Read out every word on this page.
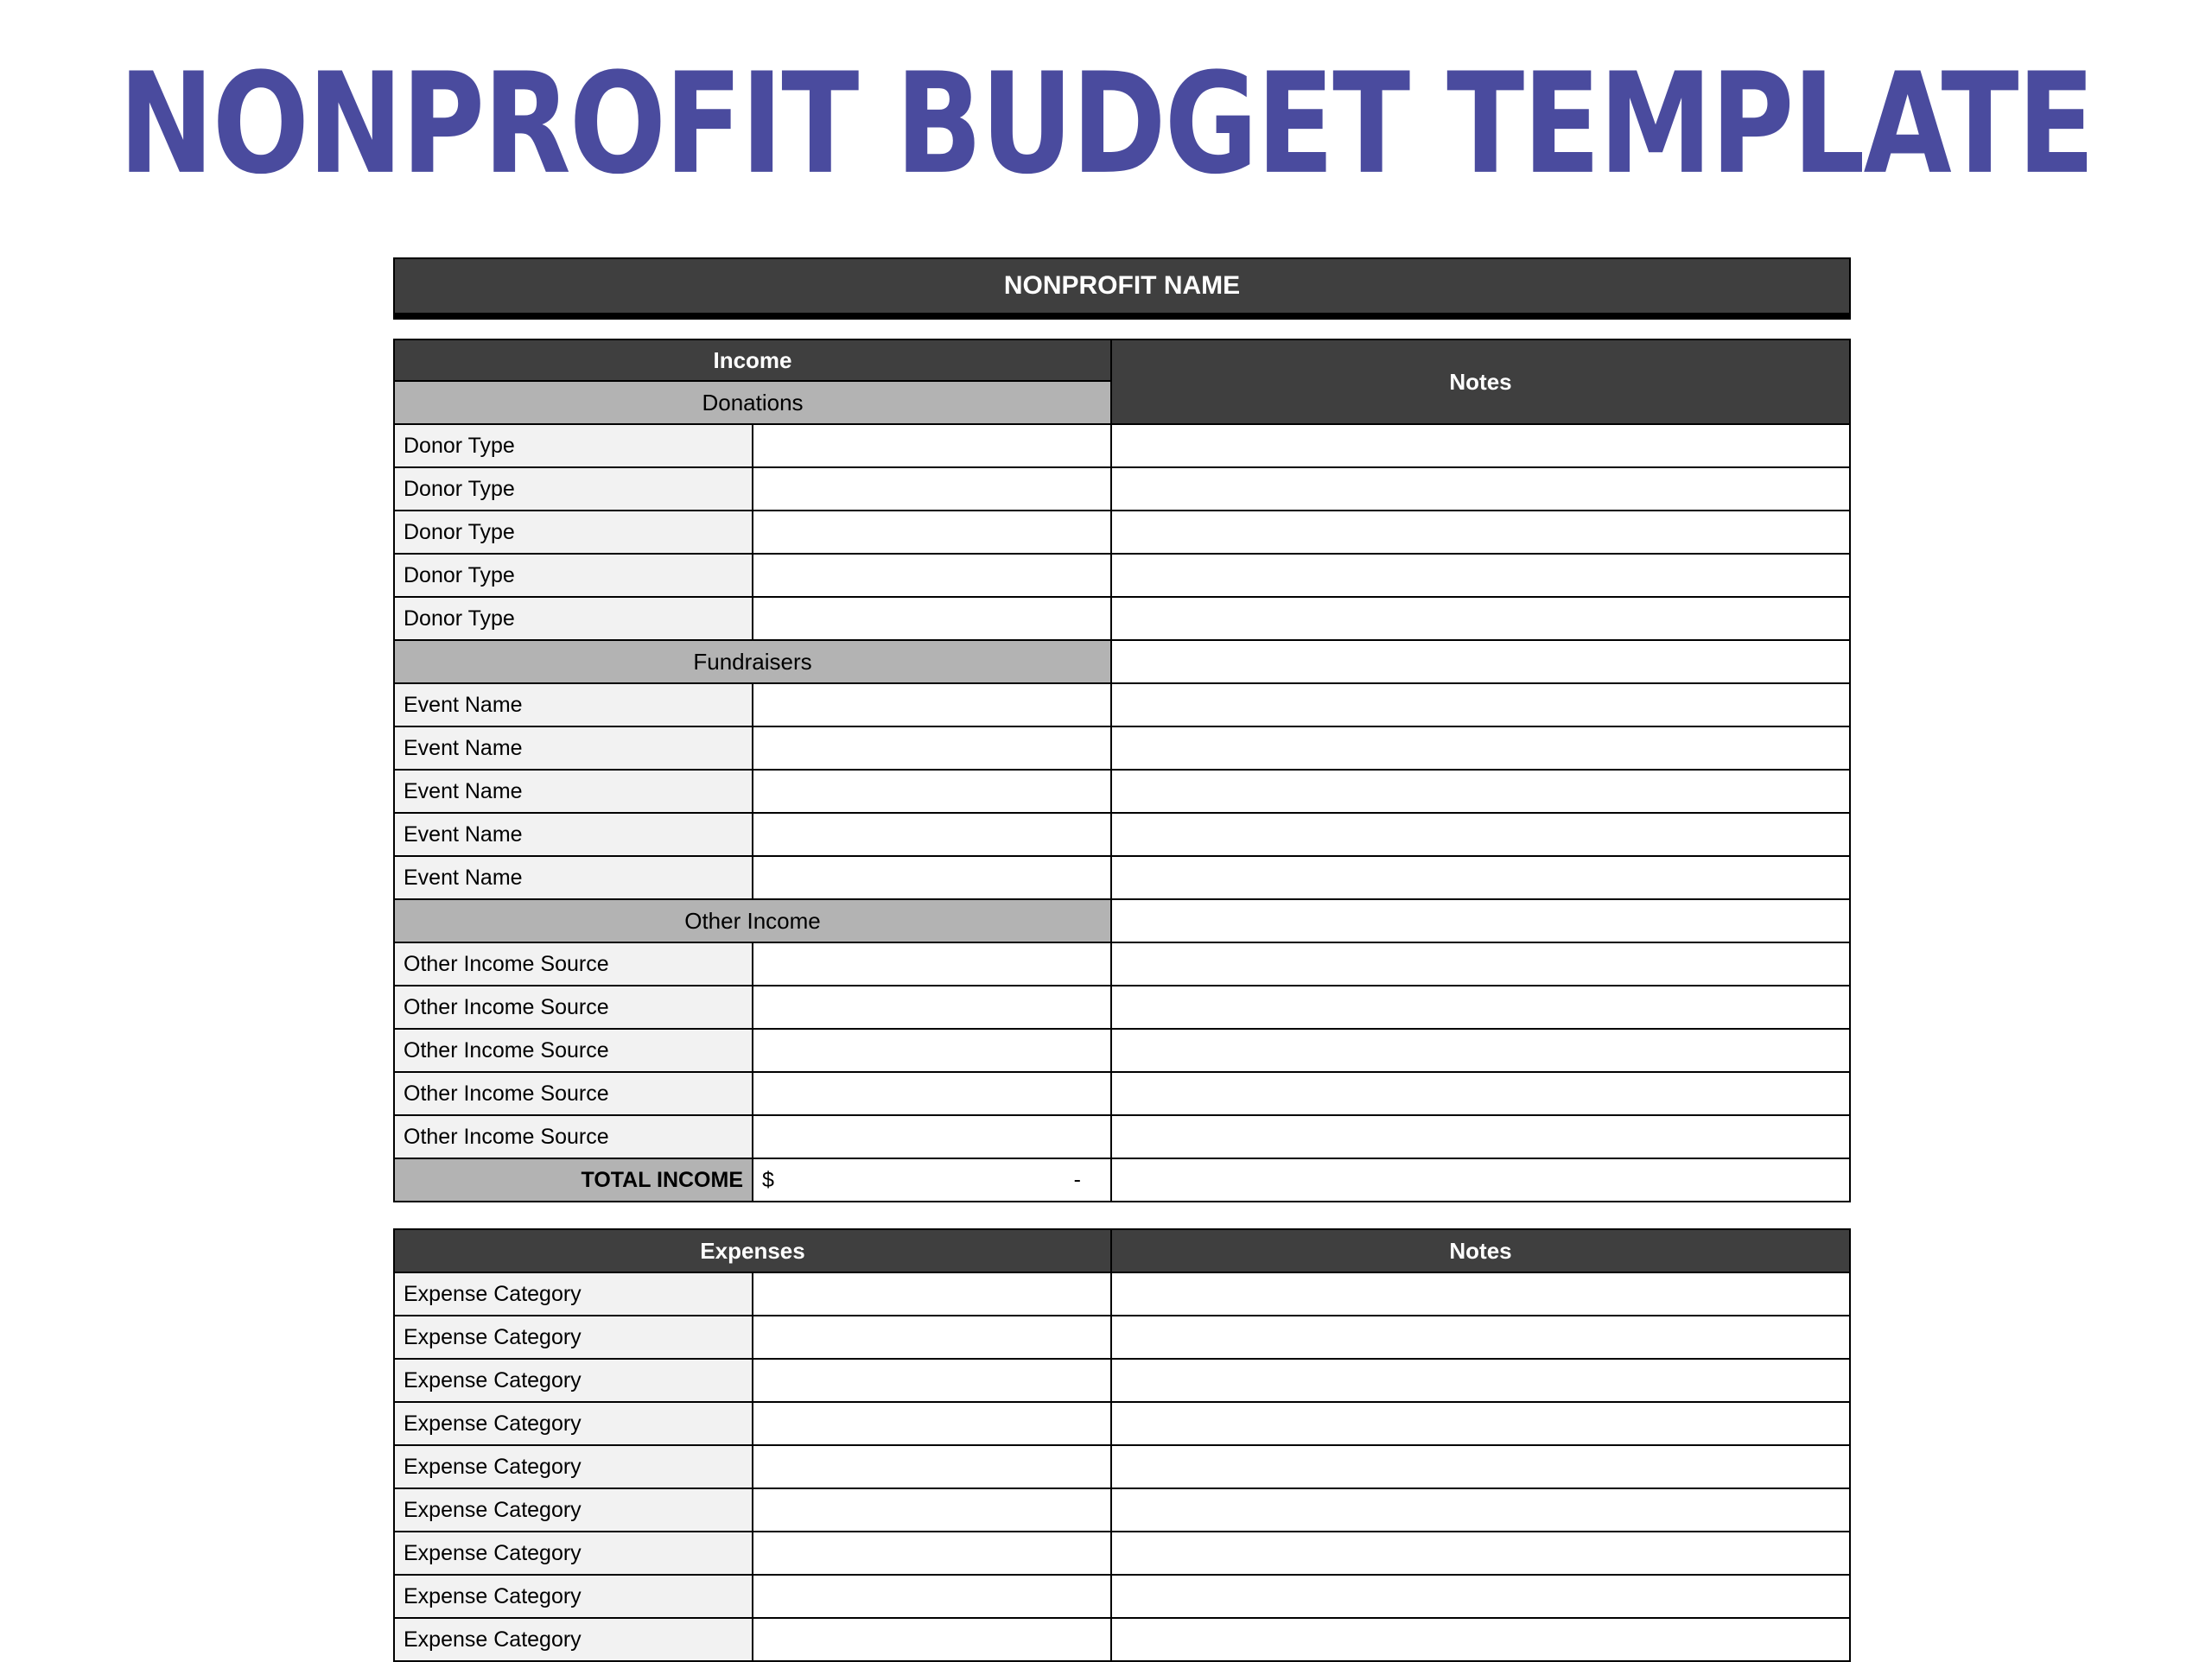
NONPROFIT BUDGET TEMPLATE
NONPROFIT NAME		

Income		Notes
Donations		
Donor Type		
Donor Type		
Donor Type		
Donor Type		
Donor Type		
Fundraisers		
Event Name		
Event Name		
Event Name		
Event Name		
Event Name		
Other Income		
Other Income Source		
Other Income Source		
Other Income Source		
Other Income Source		
Other Income Source		
TOTAL INCOME	$ -	

Expenses		Notes
Expense Category		
Expense Category		
Expense Category		
Expense Category		
Expense Category		
Expense Category		
Expense Category		
Expense Category		
Expense Category		
